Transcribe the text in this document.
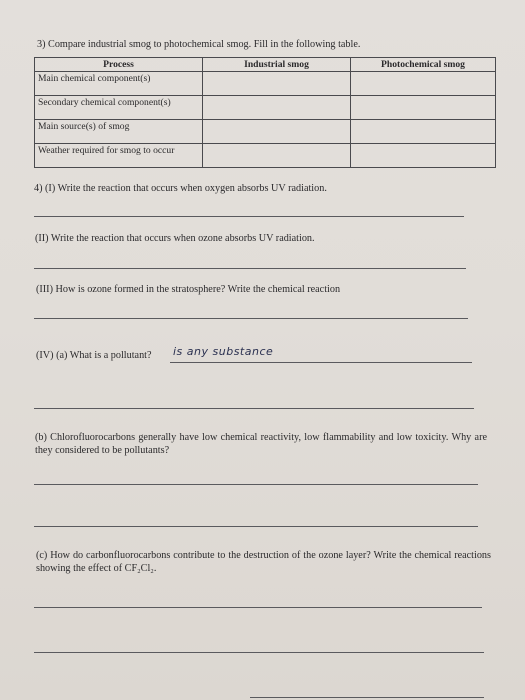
3) Compare industrial smog to photochemical smog. Fill in the following table.
Process	Industrial smog	Photochemical smog
Main chemical component(s)		
Secondary chemical component(s)		
Main source(s) of smog		
Weather required for smog to occur		
4) (I) Write the reaction that occurs when oxygen absorbs UV radiation.
(II) Write the reaction that occurs when ozone absorbs UV radiation.
(III) How is ozone formed in the stratosphere? Write the chemical reaction
(IV) (a) What is a pollutant? is any substance
(b) Chlorofluorocarbons generally have low chemical reactivity, low flammability and low toxicity. Why are they considered to be pollutants?
(c) How do carbonfluorocarbons contribute to the destruction of the ozone layer? Write the chemical reactions showing the effect of CF₂Cl₂.
